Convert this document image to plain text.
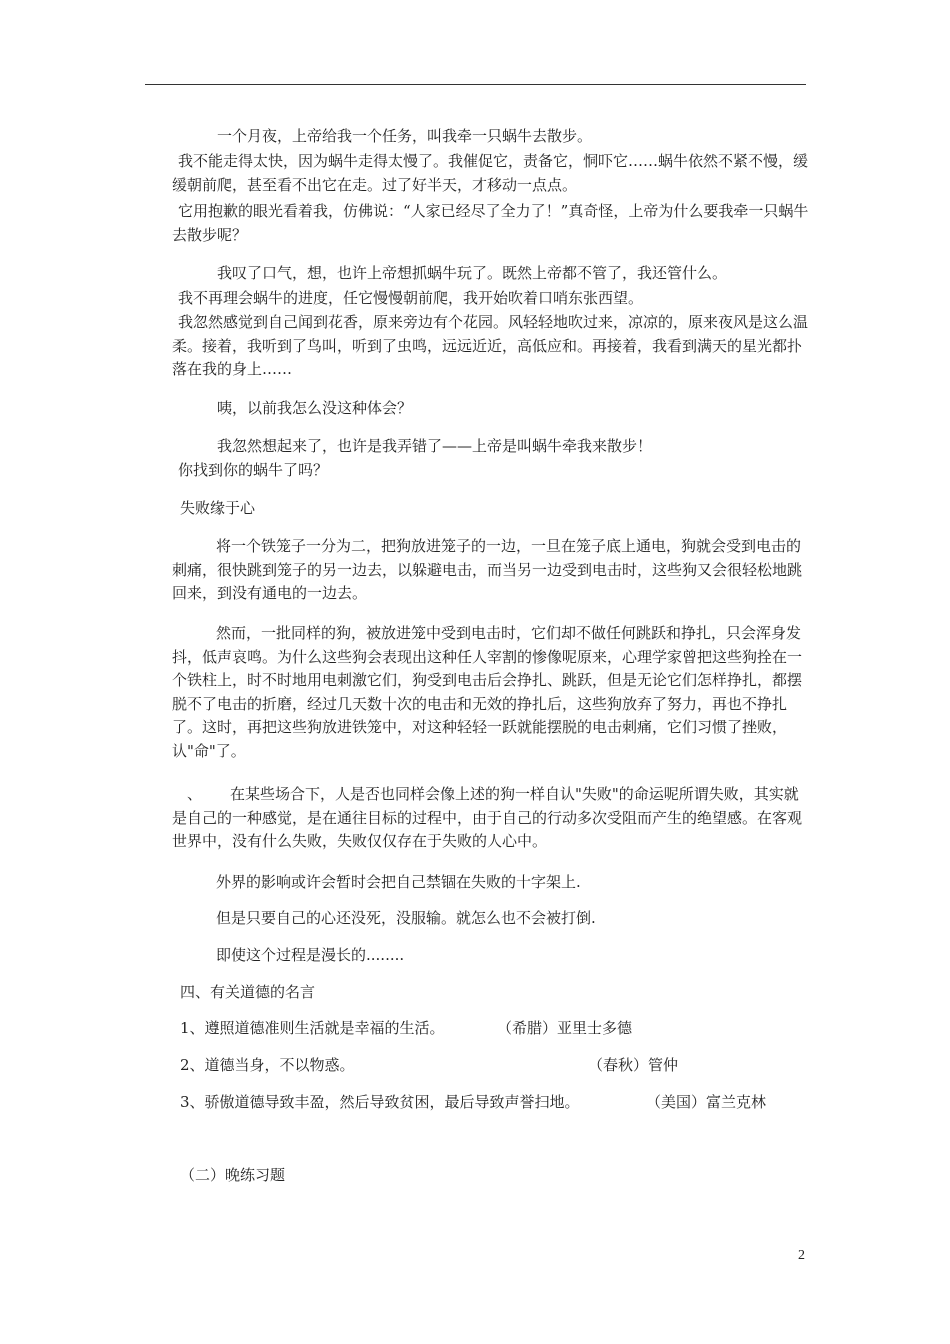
一个月夜，上帝给我一个任务，叫我牵一只蜗牛去散步。
我不能走得太快，因为蜗牛走得太慢了。我催促它，责备它，恫吓它……蜗牛依然不紧不慢，缓缓朝前爬，甚至看不出它在走。过了好半天，才移动一点点。
它用抱歉的眼光看着我，仿佛说：“人家已经尽了全力了！”真奇怪，上帝为什么要我牵一只蜗牛去散步呢？
我叹了口气，想，也许上帝想抓蜗牛玩了。既然上帝都不管了，我还管什么。
我不再理会蜗牛的进度，任它慢慢朝前爬，我开始吹着口哨东张西望。
我忽然感觉到自己闻到花香，原来旁边有个花园。风轻轻地吹过来，凉凉的，原来夜风是这么温柔。接着，我听到了鸟叫，听到了虫鸣，远远近近，高低应和。再接着，我看到满天的星光都扑落在我的身上……
咦，以前我怎么没这种体会？
我忽然想起来了，也许是我弄错了——上帝是叫蜗牛牵我来散步！
你找到你的蜗牛了吗？
失败缘于心
将一个铁笼子一分为二，把狗放进笼子的一边，一旦在笼子底上通电，狗就会受到电击的刺痛，很快跳到笼子的另一边去，以躲避电击，而当另一边受到电击时，这些狗又会很轻松地跳回来，到没有通电的一边去。
然而，一批同样的狗，被放进笼中受到电击时，它们却不做任何跳跃和挣扎，只会浑身发抖，低声哀鸣。为什么这些狗会表现出这种任人宰割的惨像呢原来，心理学家曾把这些狗拴在一个铁柱上，时不时地用电刺激它们，狗受到电击后会挣扎、跳跃，但是无论它们怎样挣扎，都摆脱不了电击的折磨，经过几天数十次的电击和无效的挣扎后，这些狗放弃了努力，再也不挣扎了。这时，再把这些狗放进铁笼中，对这种轻轻一跃就能摆脱的电击刺痛，它们习惯了挫败，认"命"了。
、	在某些场合下，人是否也同样会像上述的狗一样自认"失败"的命运呢所谓失败，其实就是自己的一种感觉，是在通往目标的过程中，由于自己的行动多次受阻而产生的绝望感。在客观世界中，没有什么失败，失败仅仅存在于失败的人心中。
外界的影响或许会暂时会把自己禁锢在失败的十字架上.
但是只要自己的心还没死，没服输。就怎么也不会被打倒.
即使这个过程是漫长的........
四、有关道德的名言
1、遵照道德准则生活就是幸福的生活。	（希腊）亚里士多德
2、道德当身，不以物惑。	（春秋）管仲
3、骄傲道德导致丰盈，然后导致贫困，最后导致声誉扫地。	（美国）富兰克林
（二）晚练习题
2
